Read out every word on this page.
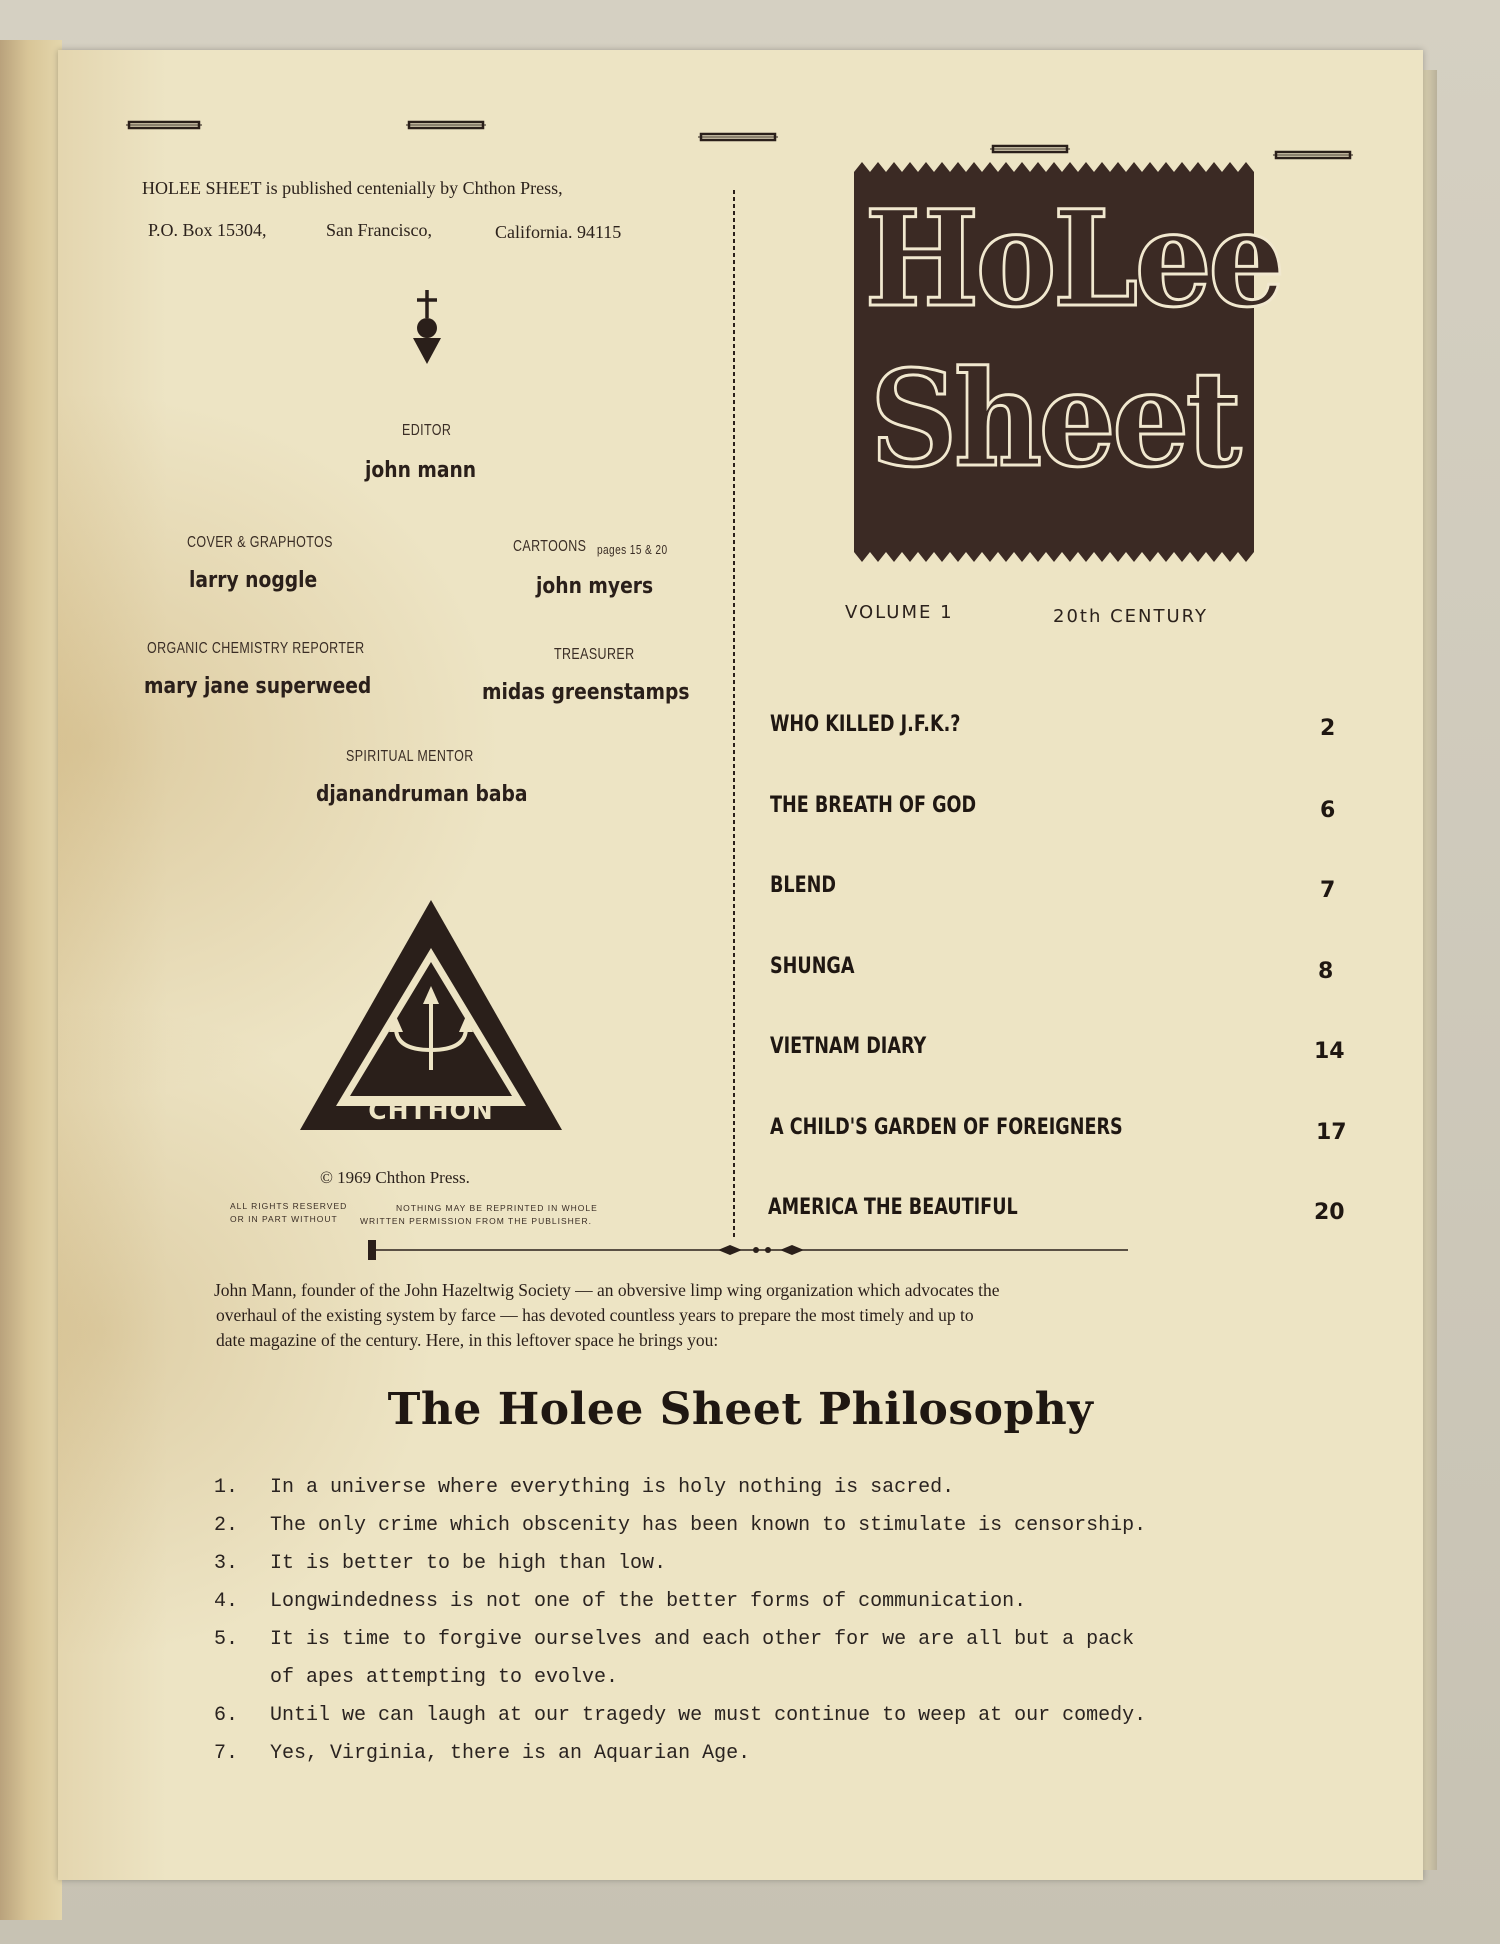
HOLEE SHEET is published centenially by Chthon Press,
P.O. Box 15304,	San Francisco,	California. 94115
EDITOR
john mann
COVER & GRAPHOTOS
larry noggle
CARTOONS pages 15 & 20
john myers
ORGANIC CHEMISTRY REPORTER
mary jane superweed
TREASURER
midas greenstamps
SPIRITUAL MENTOR
djanandruman baba
CHTHON
© 1969 Chthon Press.
ALL RIGHTS RESERVED
OR IN PART WITHOUT
NOTHING MAY BE REPRINTED IN WHOLE
WRITTEN PERMISSION FROM THE PUBLISHER.
HoLee
Sheet
VOLUME 1	20th CENTURY
WHO KILLED J.F.K.?	2
THE BREATH OF GOD	6
BLEND	7
SHUNGA	8
VIETNAM DIARY	14
A CHILD'S GARDEN OF FOREIGNERS	17
AMERICA THE BEAUTIFUL	20
John Mann, founder of the John Hazeltwig Society — an obversive limp wing organization which advocates the
overhaul of the existing system by farce — has devoted countless years to prepare the most timely and up to
date magazine of the century. Here, in this leftover space he brings you:
The Holee Sheet Philosophy
1. In a universe where everything is holy nothing is sacred.
2. The only crime which obscenity has been known to stimulate is censorship.
3. It is better to be high than low.
4. Longwindedness is not one of the better forms of communication.
5. It is time to forgive ourselves and each other for we are all but a pack
of apes attempting to evolve.
6. Until we can laugh at our tragedy we must continue to weep at our comedy.
7. Yes, Virginia, there is an Aquarian Age.
